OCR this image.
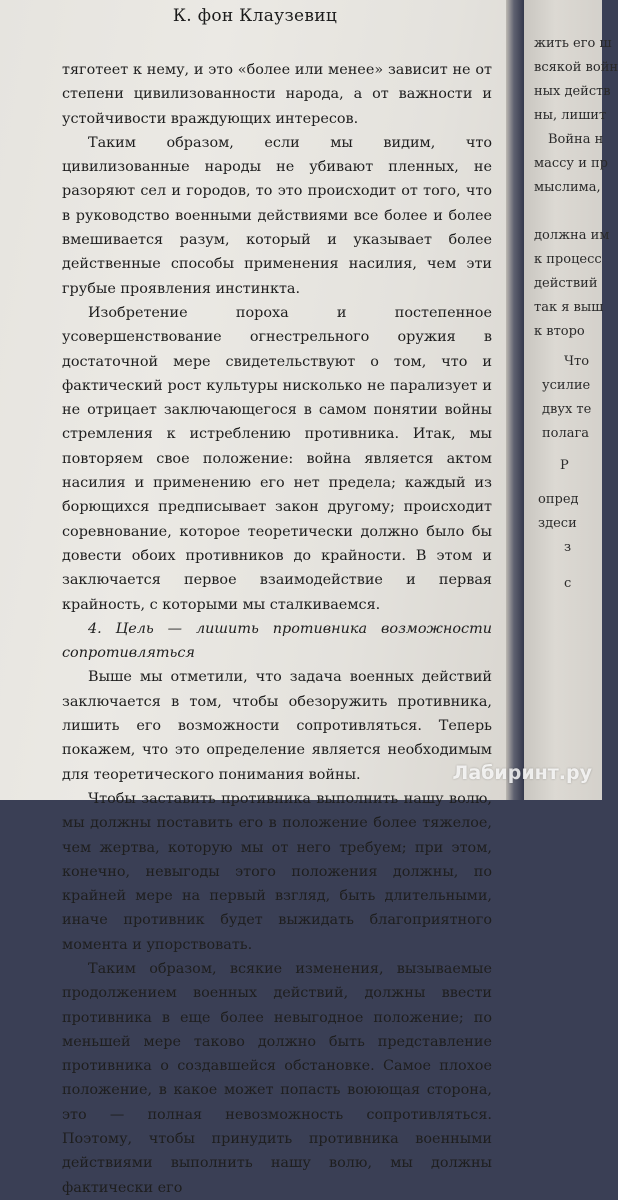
К. фон Клаузевиц

тяготеет к нему, и это «более или менее» зависит не от степени цивилизованности народа, а от важности и устойчивости враждующих интересов.

Таким образом, если мы видим, что цивилизованные народы не убивают пленных, не разоряют сел и городов, то это происходит от того, что в руководство военными действиями все более и более вмешивается разум, который и указывает более действенные способы применения насилия, чем эти грубые проявления инстинкта.

Изобретение пороха и постепенное усовершенствование огнестрельного оружия в достаточной мере свидетельствуют о том, что и фактический рост культуры нисколько не парализует и не отрицает заключающегося в самом понятии войны стремления к истреблению противника. Итак, мы повторяем свое положение: война является актом насилия и применению его нет предела; каждый из борющихся предписывает закон другому; происходит соревнование, которое теоретически должно было бы довести обоих противников до крайности. В этом и заключается первое взаимодействие и первая крайность, с которыми мы сталкиваемся.

4. Цель — лишить противника возможности сопротивляться

Выше мы отметили, что задача военных действий заключается в том, чтобы обезоружить противника, лишить его возможности сопротивляться. Теперь покажем, что это определение является необходимым для теоретического понимания войны.

Чтобы заставить противника выполнить нашу волю, мы должны поставить его в положение более тяжелое, чем жертва, которую мы от него требуем; при этом, конечно, невыгоды этого положения должны, по крайней мере на первый взгляд, быть длительными, иначе противник будет выжидать благоприятного момента и упорствовать.

Таким образом, всякие изменения, вызываемые продолжением военных действий, должны ввести противника в еще более невыгодное положение; по меньшей мере таково должно быть представление противника о создавшейся обстановке. Самое плохое положение, в какое может попасть воюющая сторона, это — полная невозможность сопротивляться. Поэтому, чтобы принудить противника военными действиями выполнить нашу волю, мы должны фактически его

жить его ш
всякой войн
ных действ
ны, лишит
Война н
массу и пр
мыслима,
должна им
к процесс
действий
так я выш
к второ
Что
усилие
двух те
полага
Р
опред
здеси
з
с
Лабиринт.ру
